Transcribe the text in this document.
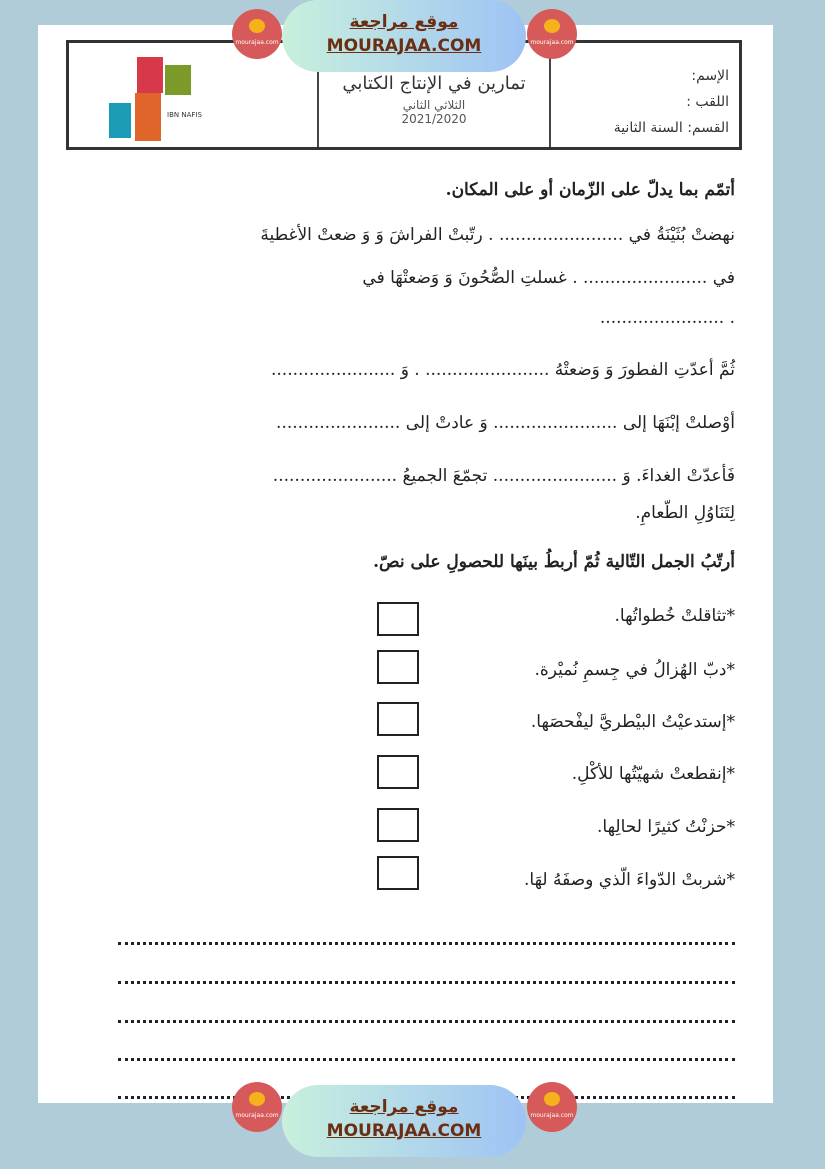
الإسم:
اللقب :
القسم: السنة الثانية
تمارين في الإنتاج الكتابي
الثلاثي الثاني
2021/2020
IBN NAFIS
أتمّم بما يدلّ على الزّمان أو على المكان.
نهضتْ بُثَيْنَةُ في ....................... . رتّبتْ الفراشَ وَ وَ ضعتْ الأغطيةَ
في ....................... . غسلتِ الصُّحُونَ وَ وَضعتْهَا في
. .......................
ثُمَّ أعدّتِ الفطورَ وَ وَضعتْهُ ....................... . وَ .......................
أوْصلتْ إبْنَهَا إلى ....................... وَ عادتْ إلى .......................
فَأعدّتْ الغداءَ. وَ ....................... تجمّعَ الجميعُ .......................
لِتَنَاوُلِ الطّعامِ.
أرتّبُ الجمل التّالية ثُمّ أربطُ بينَها للحصولِ على نصّ.
*تثاقلتْ خُطواتُها.
*دبّ الهُزالُ في جِسمِ نُميْرة.
*إستدعيْتُ البيْطريَّ ليفْحصَها.
*إنقطعتْ شهيّتُها للأكْلِ.
*حزنْتُ كثيرًا لحالِها.
*شربتْ الدّواءَ الّذي وصفَهُ لهَا.
موقع مراجعة
MOURAJAA.COM
mourajaa.com	mourajaa.com
موقع مراجعة
MOURAJAA.COM
mourajaa.com	mourajaa.com
